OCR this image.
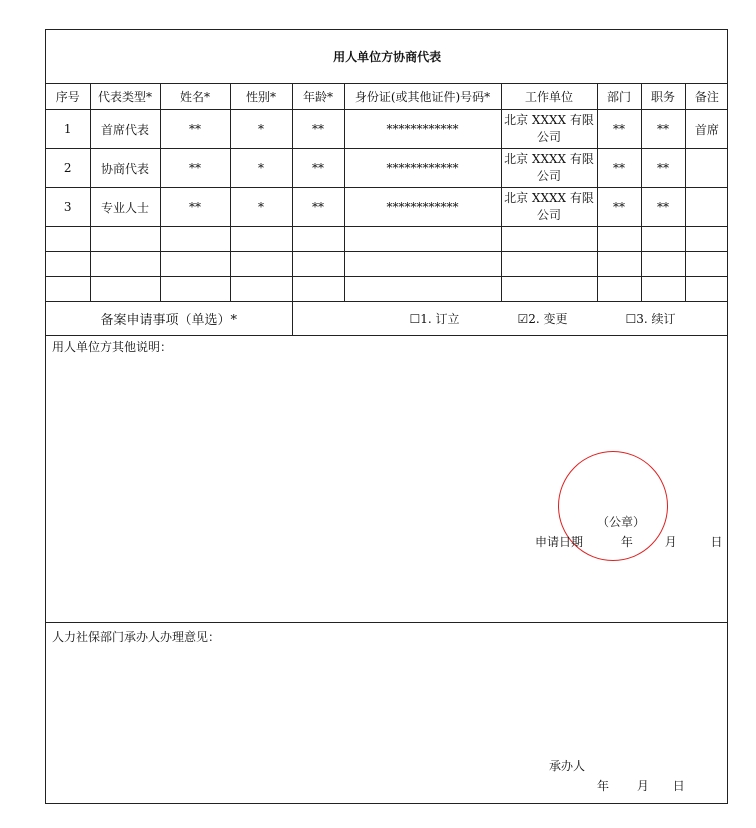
用人单位方协商代表									
序号	代表类型*	姓名*	性别*	年龄*	身份证(或其他证件)号码*	工作单位	部门	职务	备注
1	首席代表	**	*	**	************	北京 XXXX 有限公司	**	**	首席
2	协商代表	**	*	**	************	北京 XXXX 有限公司	**	**	
3	专业人士	**	*	**	************	北京 XXXX 有限公司	**	**	

备案申请事项（单选）*				☐1. 订立 ☑2. 变更 ☐3. 续订					
用人单位方其他说明：
（公章）
申请日期	年	月	日
人力社保部门承办人办理意见：
承办人
年 月 日
